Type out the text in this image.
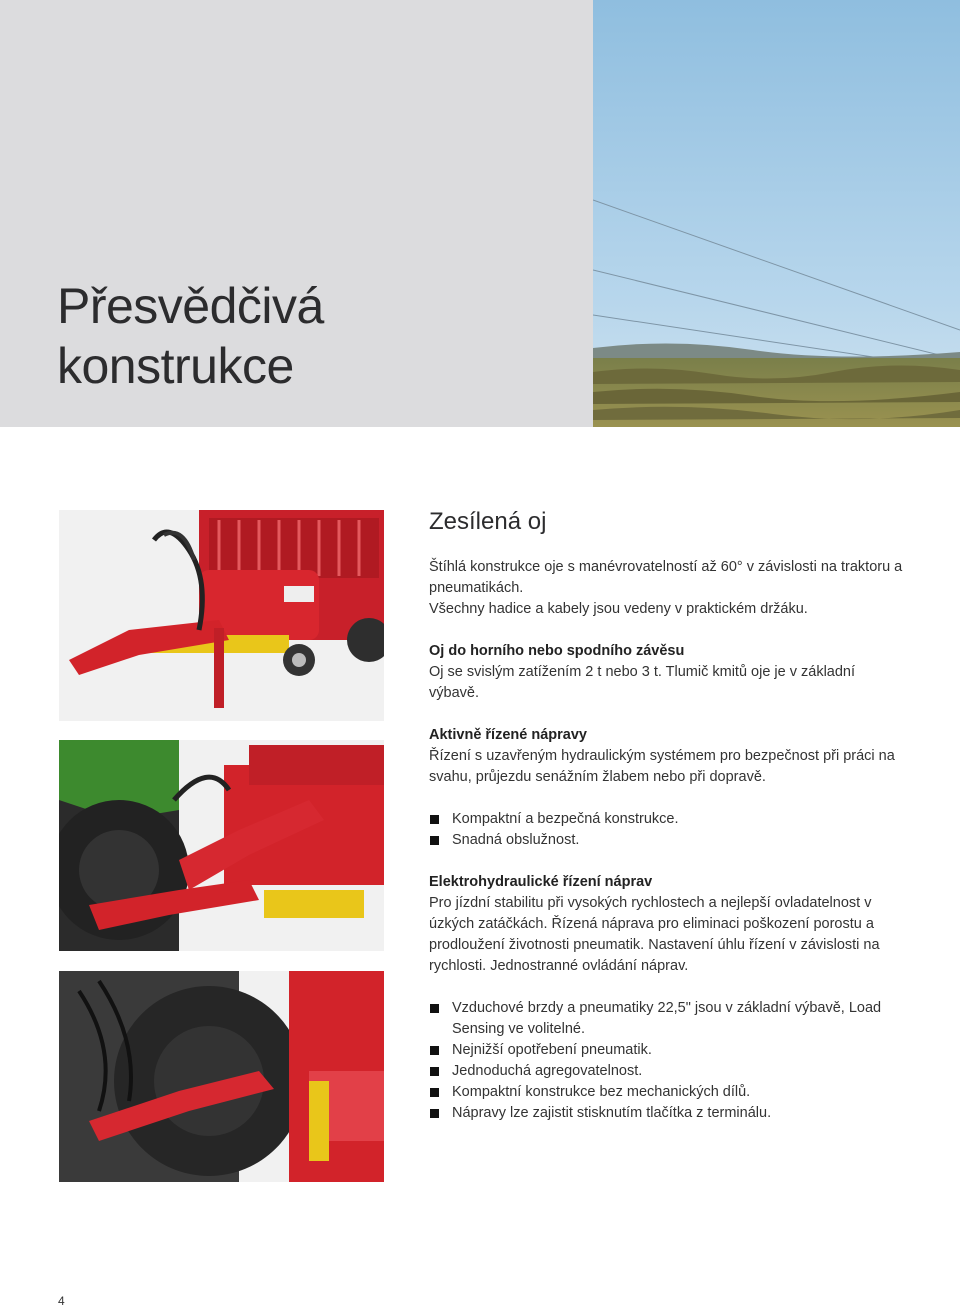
Přesvědčivá
konstrukce
Zesílená oj

Štíhlá konstrukce oje s manévrovatelností až 60° v závislosti na traktoru a pneumatikách.

Všechny hadice a kabely jsou vedeny v praktickém držáku.

Oj do horního nebo spodního závěsu

Oj se svislým zatížením 2 t nebo 3 t. Tlumič kmitů oje je v základní výbavě.

Aktivně řízené nápravy

Řízení s uzavřeným hydraulickým systémem pro bezpečnost při práci na svahu, průjezdu senážním žlabem nebo při dopravě.

Kompaktní a bezpečná konstrukce.
Snadná obslužnost.

Elektrohydraulické řízení náprav

Pro jízdní stabilitu při vysokých rychlostech a nejlepší ovladatelnost v úzkých zatáčkách. Řízená náprava pro eliminaci poškození porostu a prodloužení životnosti pneumatik. Nastavení úhlu řízení v závislosti na rychlosti. Jednostranné ovládání náprav.

Vzduchové brzdy a pneumatiky 22,5" jsou v základní výbavě, Load Sensing ve volitelné.
Nejnižší opotřebení pneumatik.
Jednoduchá agregovatelnost.
Kompaktní konstrukce bez mechanických dílů.
Nápravy lze zajistit stisknutím tlačítka z terminálu.
4
